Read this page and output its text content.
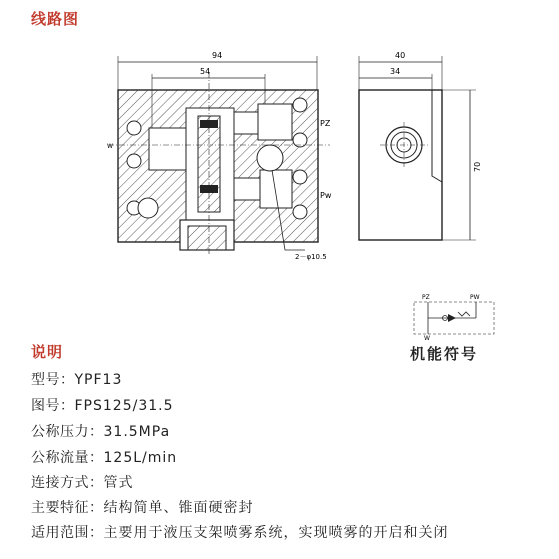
线路图
94
54
W
PZ
Pw
2－φ10.5
40
34
70
PZ	PW
W
机能符号
说明
型号：YPF13
图号：FPS125/31.5
公称压力：31.5MPa
公称流量：125L/min
连接方式：管式
主要特征：结构简单、锥面硬密封
适用范围：主要用于液压支架喷雾系统，实现喷雾的开启和关闭
